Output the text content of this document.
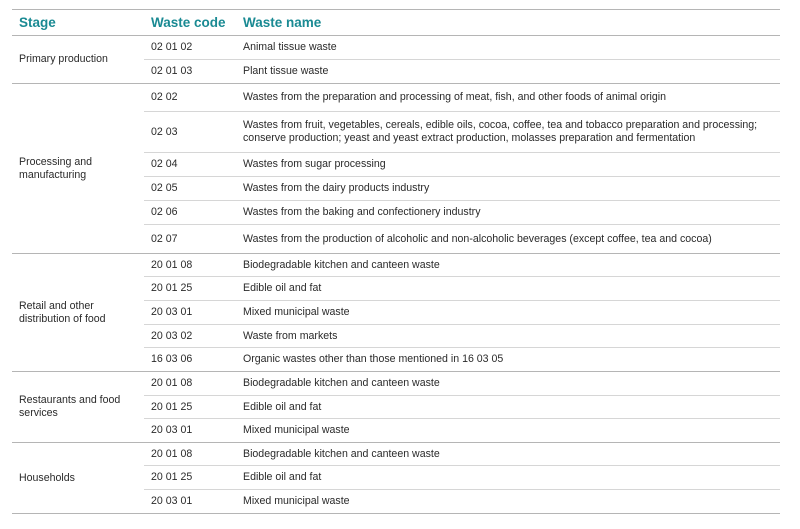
Stage	Waste code	Waste name
Primary production	02 01 02	Animal tissue waste
	02 01 03	Plant tissue waste
Processing and manufacturing	02 02	Wastes from the preparation and processing of meat, fish, and other foods of animal origin
	02 03	Wastes from fruit, vegetables, cereals, edible oils, cocoa, coffee, tea and tobacco preparation and processing; conserve production; yeast and yeast extract production, molasses preparation and fermentation
	02 04	Wastes from sugar processing
	02 05	Wastes from the dairy products industry
	02 06	Wastes from the baking and confectionery industry
	02 07	Wastes from the production of alcoholic and non-alcoholic beverages (except coffee, tea and cocoa)
Retail and other distribution of food	20 01 08	Biodegradable kitchen and canteen waste
	20 01 25	Edible oil and fat
	20 03 01	Mixed municipal waste
	20 03 02	Waste from markets
	16 03 06	Organic wastes other than those mentioned in 16 03 05
Restaurants and food services	20 01 08	Biodegradable kitchen and canteen waste
	20 01 25	Edible oil and fat
	20 03 01	Mixed municipal waste
Households	20 01 08	Biodegradable kitchen and canteen waste
	20 01 25	Edible oil and fat
	20 03 01	Mixed municipal waste
